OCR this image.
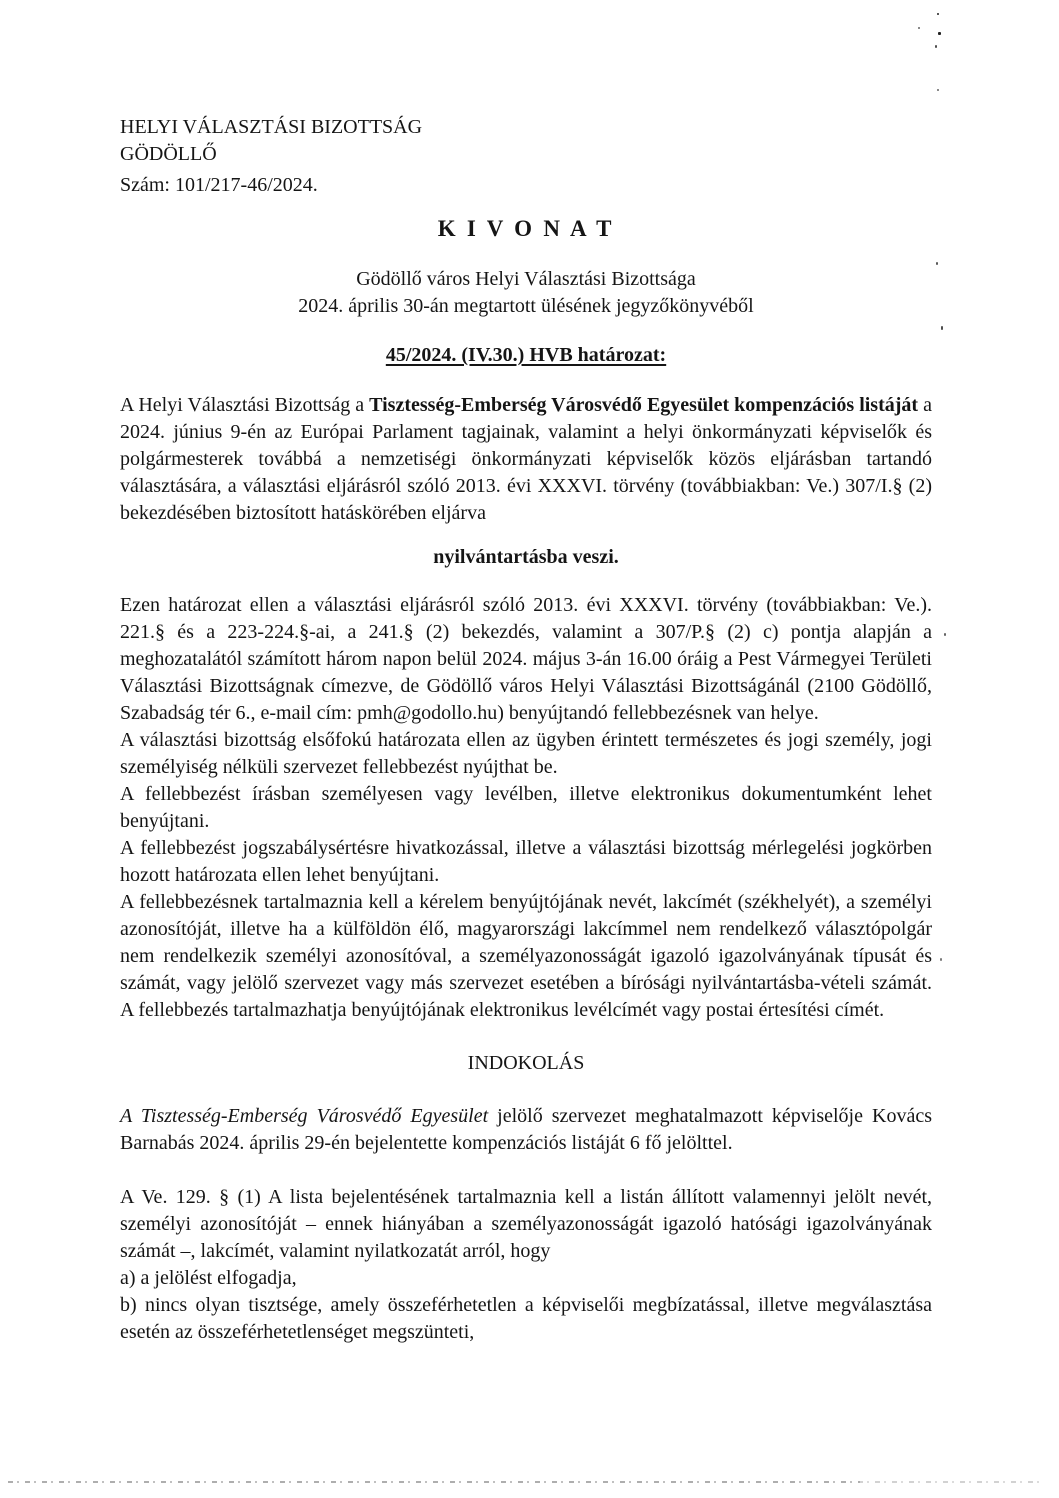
HELYI VÁLASZTÁSI BIZOTTSÁG

GÖDÖLLŐ

Szám: 101/217-46/2024.

K I V O N A T

Gödöllő város Helyi Választási Bizottsága

2024. április 30-án megtartott ülésének jegyzőkönyvéből

45/2024. (IV.30.) HVB határozat:

A Helyi Választási Bizottság a Tisztesség-Emberség Városvédő Egyesület kompenzációs listáját a 2024. június 9-én az Európai Parlament tagjainak, valamint a helyi önkormányzati képviselők és polgármesterek továbbá a nemzetiségi önkormányzati képviselők közös eljárásban tartandó választására, a választási eljárásról szóló 2013. évi XXXVI. törvény (továbbiakban: Ve.) 307/I.§ (2) bekezdésében biztosított hatáskörében eljárva

nyilvántartásba veszi.

Ezen határozat ellen a választási eljárásról szóló 2013. évi XXXVI. törvény (továbbiakban: Ve.). 221.§ és a 223-224.§-ai, a 241.§ (2) bekezdés, valamint a 307/P.§ (2) c) pontja alapján a meghozatalától számított három napon belül 2024. május 3-án 16.00 óráig a Pest Vármegyei Területi Választási Bizottságnak címezve, de Gödöllő város Helyi Választási Bizottságánál (2100 Gödöllő, Szabadság tér 6., e-mail cím: pmh@godollo.hu) benyújtandó fellebbezésnek van helye.

A választási bizottság elsőfokú határozata ellen az ügyben érintett természetes és jogi személy, jogi személyiség nélküli szervezet fellebbezést nyújthat be.

A fellebbezést írásban személyesen vagy levélben, illetve elektronikus dokumentumként lehet benyújtani.

A fellebbezést jogszabálysértésre hivatkozással, illetve a választási bizottság mérlegelési jogkörben hozott határozata ellen lehet benyújtani.

A fellebbezésnek tartalmaznia kell a kérelem benyújtójának nevét, lakcímét (székhelyét), a személyi azonosítóját, illetve ha a külföldön élő, magyarországi lakcímmel nem rendelkező választópolgár nem rendelkezik személyi azonosítóval, a személyazonosságát igazoló igazolványának típusát és számát, vagy jelölő szervezet vagy más szervezet esetében a bírósági nyilvántartásba-vételi számát. A fellebbezés tartalmazhatja benyújtójának elektronikus levélcímét vagy postai értesítési címét.

INDOKOLÁS

A Tisztesség-Emberség Városvédő Egyesület jelölő szervezet meghatalmazott képviselője Kovács Barnabás 2024. április 29-én bejelentette kompenzációs listáját 6 fő jelölttel.

A Ve. 129. § (1) A lista bejelentésének tartalmaznia kell a listán állított valamennyi jelölt nevét, személyi azonosítóját – ennek hiányában a személyazonosságát igazoló hatósági igazolványának számát –, lakcímét, valamint nyilatkozatát arról, hogy

a) a jelölést elfogadja,

b) nincs olyan tisztsége, amely összeférhetetlen a képviselői megbízatással, illetve megválasztása esetén az összeférhetetlenséget megszünteti,
